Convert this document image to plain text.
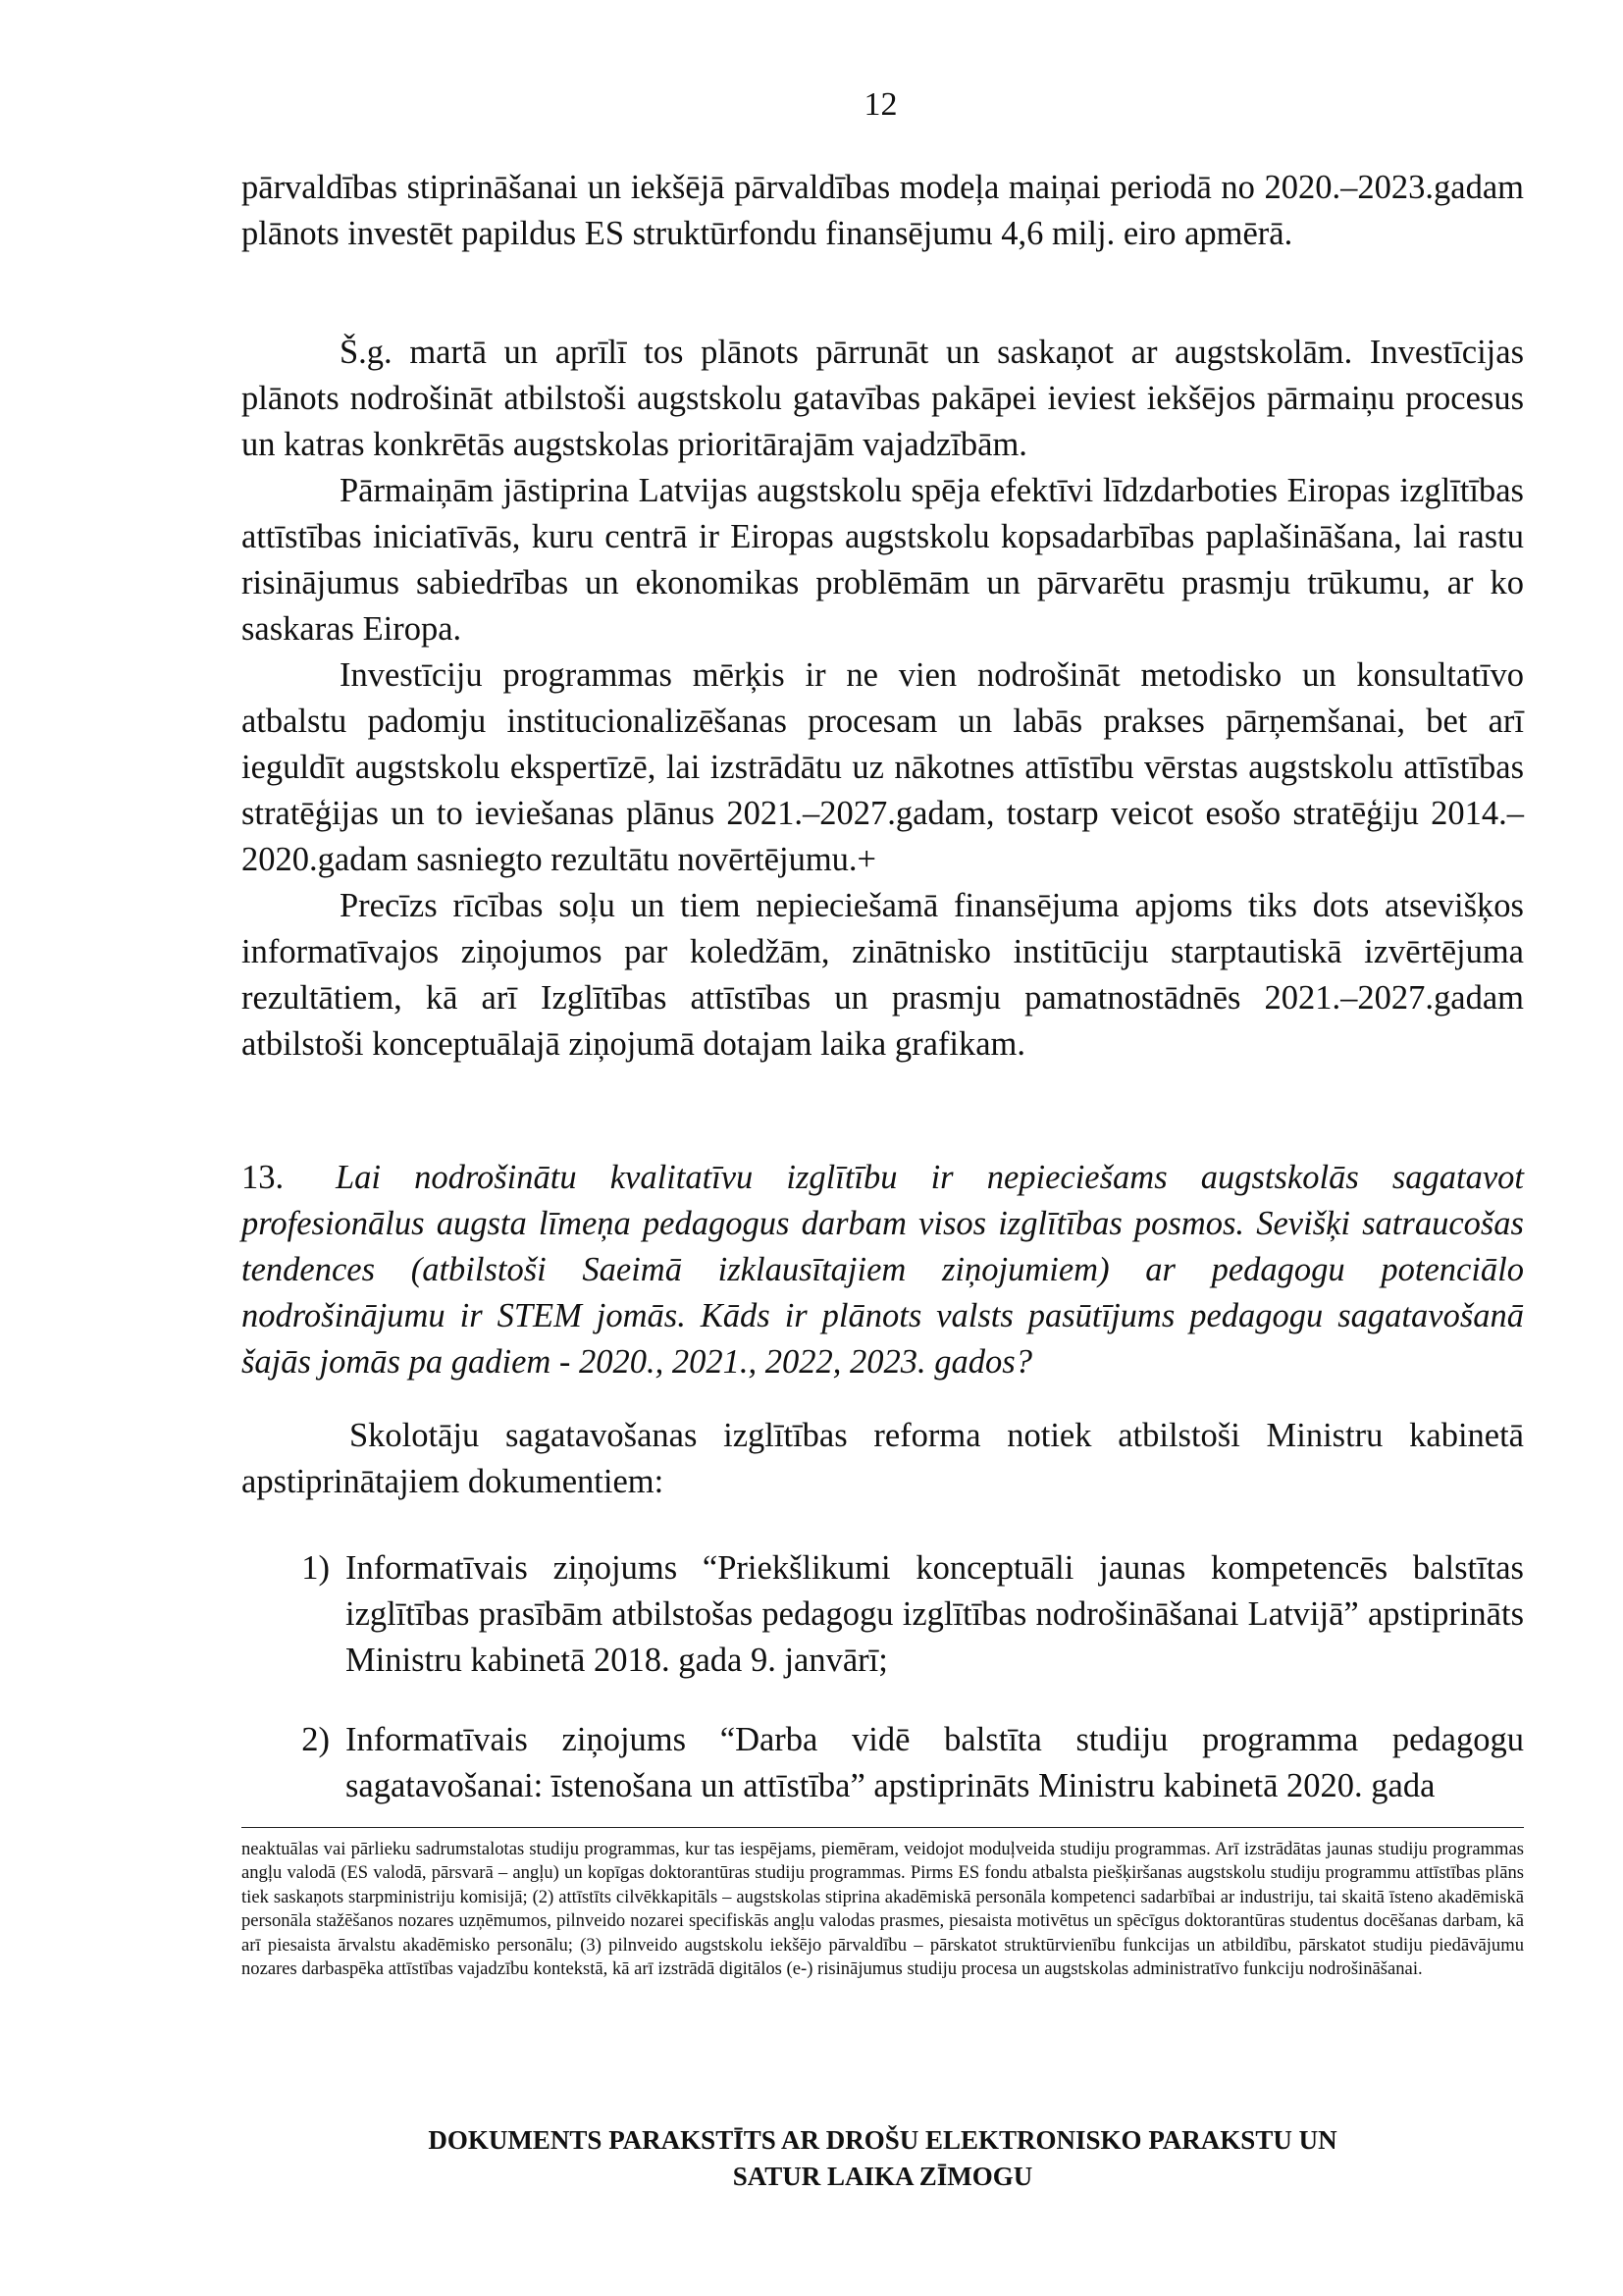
12

pārvaldības stiprināšanai un iekšējā pārvaldības modeļa maiņai periodā no 2020.–2023.gadam plānots investēt papildus ES struktūrfondu finansējumu 4,6 milj. eiro apmērā.

Š.g. martā un aprīlī tos plānots pārrunāt un saskaņot ar augstskolām. Investīcijas plānots nodrošināt atbilstoši augstskolu gatavības pakāpei ieviest iekšējos pārmaiņu procesus un katras konkrētās augstskolas prioritārajām vajadzībām.

Pārmaiņām jāstiprina Latvijas augstskolu spēja efektīvi līdzdarboties Eiropas izglītības attīstības iniciatīvās, kuru centrā ir Eiropas augstskolu kopsadarbības paplašināšana, lai rastu risinājumus sabiedrības un ekonomikas problēmām un pārvarētu prasmju trūkumu, ar ko saskaras Eiropa.

Investīciju programmas mērķis ir ne vien nodrošināt metodisko un konsultatīvo atbalstu padomju institucionalizēšanas procesam un labās prakses pārņemšanai, bet arī ieguldīt augstskolu ekspertīzē, lai izstrādātu uz nākotnes attīstību vērstas augstskolu attīstības stratēģijas un to ieviešanas plānus 2021.–2027.gadam, tostarp veicot esošo stratēģiju 2014.–2020.gadam sasniegto rezultātu novērtējumu.+

Precīzs rīcības soļu un tiem nepieciešamā finansējuma apjoms tiks dots atsevišķos informatīvajos ziņojumos par koledžām, zinātnisko institūciju starptautiskā izvērtējuma rezultātiem, kā arī Izglītības attīstības un prasmju pamatnostādnēs 2021.–2027.gadam atbilstoši konceptuālajā ziņojumā dotajam laika grafikam.

13. Lai nodrošinātu kvalitatīvu izglītību ir nepieciešams augstskolās sagatavot profesionālus augsta līmeņa pedagogus darbam visos izglītības posmos. Sevišķi satraucošas tendences (atbilstoši Saeimā izklausītajiem ziņojumiem) ar pedagogu potenciālo nodrošinājumu ir STEM jomās. Kāds ir plānots valsts pasūtījums pedagogu sagatavošanā šajās jomās pa gadiem - 2020., 2021., 2022, 2023. gados?
Skolotāju sagatavošanas izglītības reforma notiek atbilstoši Ministru kabinetā apstiprinātajiem dokumentiem:
1) Informatīvais ziņojums “Priekšlikumi konceptuāli jaunas kompetencēs balstītas izglītības prasībām atbilstošas pedagogu izglītības nodrošināšanai Latvijā” apstiprināts Ministru kabinetā 2018. gada 9. janvārī;
2) Informatīvais ziņojums “Darba vidē balstīta studiju programma pedagogu sagatavošanai: īstenošana un attīstība” apstiprināts Ministru kabinetā 2020. gada
neaktuālas vai pārlieku sadrumstalotas studiju programmas, kur tas iespējams, piemēram, veidojot moduļveida studiju programmas. Arī izstrādātas jaunas studiju programmas angļu valodā (ES valodā, pārsvarā – angļu) un kopīgas doktorantūras studiju programmas. Pirms ES fondu atbalsta piešķiršanas augstskolu studiju programmu attīstības plāns tiek saskaņots starpministriju komisijā; (2) attīstīts cilvēkkapitāls – augstskolas stiprina akadēmiskā personāla kompetenci sadarbībai ar industriju, tai skaitā īsteno akadēmiskā personāla stažēšanos nozares uzņēmumos, pilnveido nozarei specifiskās angļu valodas prasmes, piesaista motivētus un spēcīgus doktorantūras studentus docēšanas darbam, kā arī piesaista ārvalstu akadēmisko personālu; (3) pilnveido augstskolu iekšējo pārvaldību – pārskatot struktūrvienību funkcijas un atbildību, pārskatot studiju piedāvājumu nozares darbaspēka attīstības vajadzību kontekstā, kā arī izstrādā digitālos (e-) risinājumus studiju procesa un augstskolas administratīvo funkciju nodrošināšanai.
DOKUMENTS PARAKSTĪTS AR DROŠU ELEKTRONISKO PARAKSTU UN
SATUR LAIKA ZĪMOGU
